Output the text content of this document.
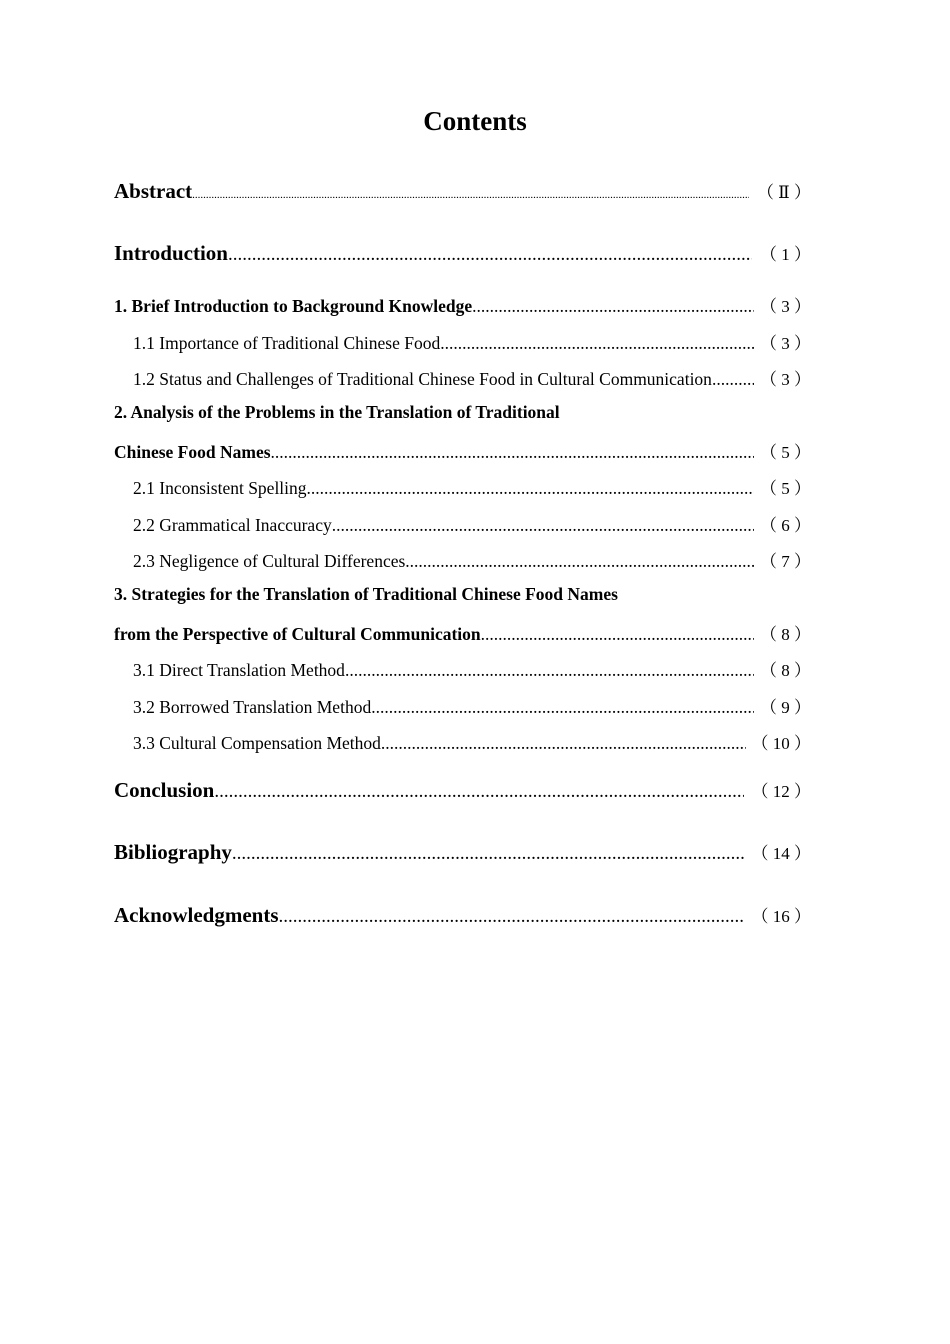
Contents
Abstract .....	（ Ⅱ ）
Introduction .....	（ 1 ）
1. Brief Introduction to Background Knowledge .....	（ 3 ）
1.1 Importance of Traditional Chinese Food .....	（ 3 ）
1.2 Status and Challenges of Traditional Chinese Food in Cultural Communication .....	（ 3 ）
2. Analysis of the Problems in the Translation of Traditional
Chinese Food Names .....	（ 5 ）
2.1 Inconsistent Spelling .....	（ 5 ）
2.2 Grammatical Inaccuracy .....	（ 6 ）
2.3 Negligence of Cultural Differences .....	（ 7 ）
3. Strategies for the Translation of Traditional Chinese Food Names
from the Perspective of Cultural Communication .....	（ 8 ）
3.1 Direct Translation Method .....	（ 8 ）
3.2 Borrowed Translation Method .....	（ 9 ）
3.3 Cultural Compensation Method .....	（ 10 ）
Conclusion .....	（ 12 ）
Bibliography .....	（ 14 ）
Acknowledgments .....	（ 16 ）
